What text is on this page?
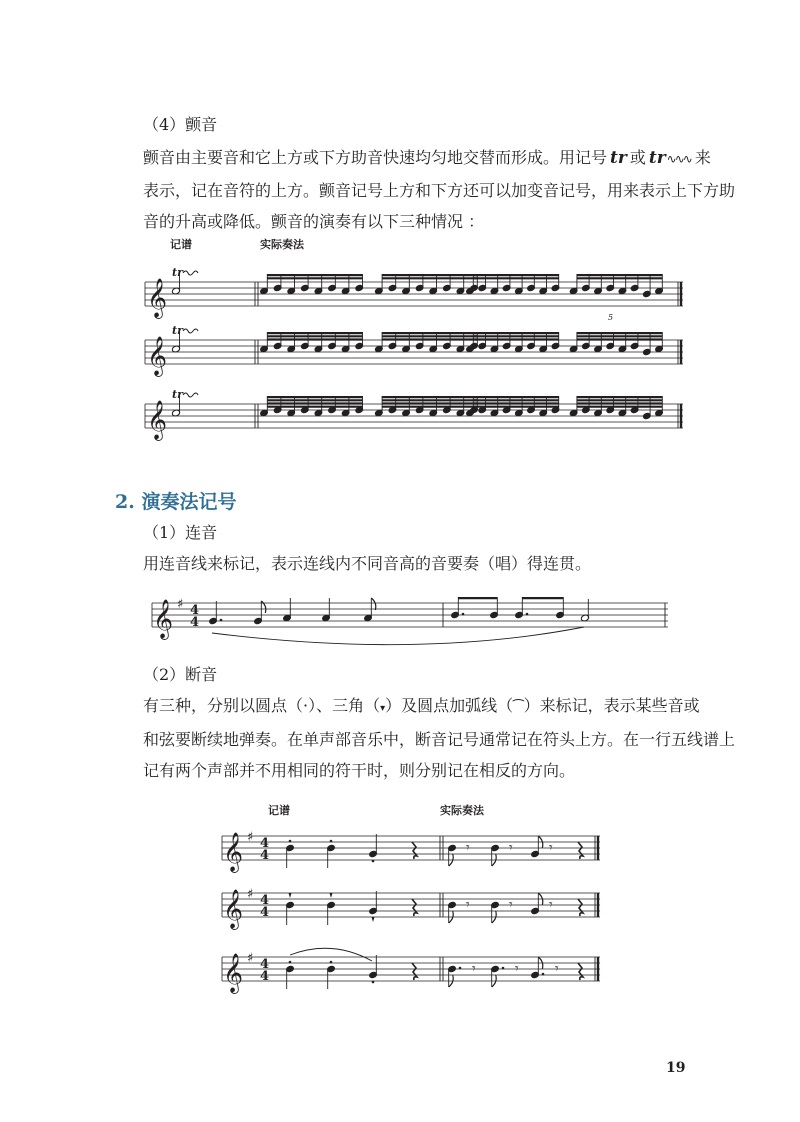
（4）颤音
颤音由主要音和它上方或下方助音快速均匀地交替而形成。用记号 tr 或 tr∿∿∿ 来
表示，记在音符的上方。颤音记号上方和下方还可以加变音记号，用来表示上下方助
音的升高或降低。颤音的演奏有以下三种情况 ：
记谱	实际奏法
2. 演奏法记号
（1）连音
用连音线来标记，表示连线内不同音高的音要奏（唱）得连贯。
（2）断音
有三种，分别以圆点（·）、三角（▾）及圆点加弧线（⁀）来标记，表示某些音或
和弦要断续地弹奏。在单声部音乐中，断音记号通常记在符头上方。在一行五线谱上
记有两个声部并不用相同的符干时，则分别记在相反的方向。
记谱	实际奏法
19
𝄞
tr
𝄞
tr
𝄞
tr
5
𝄞 ♯ 4
4
𝄞 ♯ 4
4	𝄾	𝄾	𝄾
𝄞 ♯ 4
4	𝄾	𝄾	𝄾
𝄞 ♯ 4
4	𝄾	𝄾	𝄾
